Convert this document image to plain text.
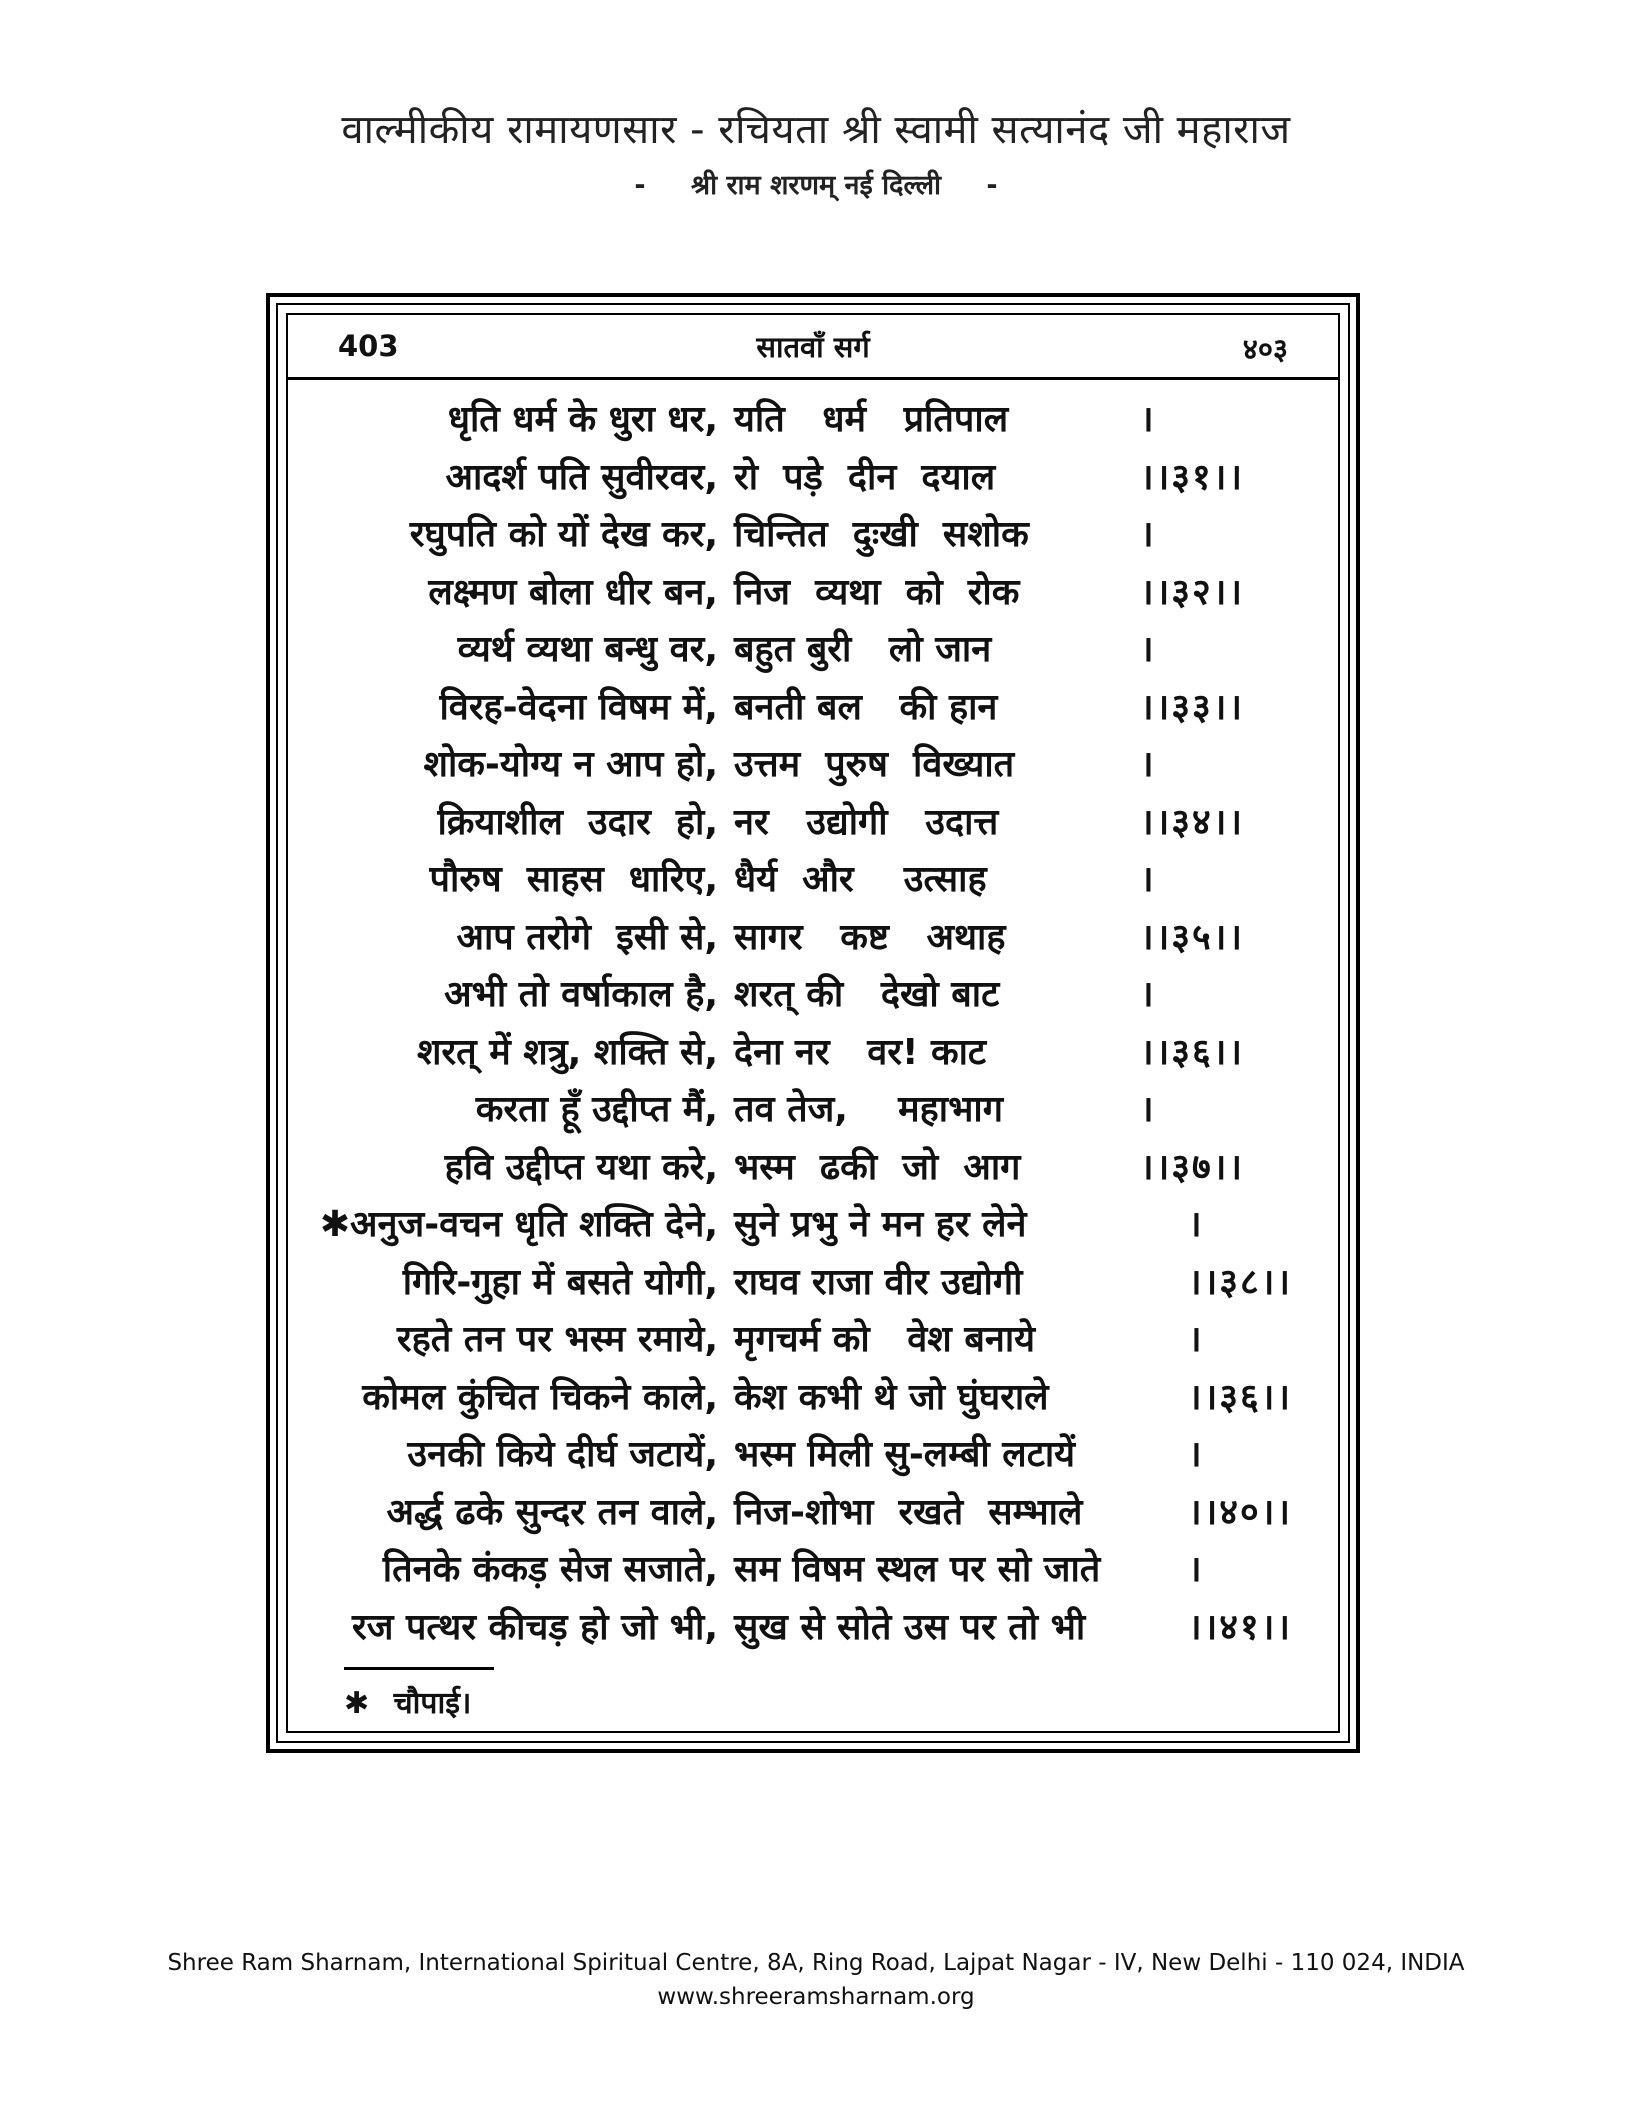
वाल्मीकीय रामायणसार - रचियता श्री स्वामी सत्यानंद जी महाराज
- श्री राम शरणम् नई दिल्ली -
403	सातवाँ सर्ग	४०३
धृति धर्म के धुरा धर, यति   धर्म   प्रतिपाल	।
आदर्श पति सुवीरवर, रो  पड़े  दीन  दयाल	।।३१।।
रघुपति को यों देख कर, चिन्तित  दुःखी  सशोक	।
लक्ष्मण बोला धीर बन, निज  व्यथा  को  रोक	।।३२।।
व्यर्थ व्यथा बन्धु वर, बहुत बुरी   लो जान	।
विरह-वेदना विषम में, बनती बल   की हान	।।३३।।
शोक-योग्य न आप हो, उत्तम  पुरुष  विख्यात	।
क्रियाशील  उदार  हो, नर   उद्योगी   उदात्त	।।३४।।
पौरुष  साहस  धारिए, धैर्य  और    उत्साह	।
आप तरोगे  इसी से, सागर   कष्ट   अथाह	।।३५।।
अभी तो वर्षाकाल है, शरत् की   देखो बाट	।
शरत् में शत्रु, शक्ति से, देना नर   वर! काट	।।३६।।
करता हूँ उद्दीप्त मैं, तव तेज,    महाभाग	।
हवि उद्दीप्त यथा करे, भस्म  ढकी  जो  आग	।।३७।।
✱अनुज-वचन धृति शक्ति देने, सुने प्रभु ने मन हर लेने	।
गिरि-गुहा में बसते योगी, राघव राजा वीर उद्योगी	।।३८।।
रहते तन पर भस्म रमाये, मृगचर्म को   वेश बनाये	।
कोमल कुंचित चिकने काले, केश कभी थे जो घुंघराले	।।३६।।
उनकी किये दीर्घ जटायें, भस्म मिली सु-लम्बी लटायें	।
अर्द्ध ढके सुन्दर तन वाले, निज-शोभा  रखते  सम्भाले	।।४०।।
तिनके कंकड़ सेज सजाते, सम विषम स्थल पर सो जाते ।
रज पत्थर कीचड़ हो जो भी, सुख से सोते उस पर तो भी	।।४१।।
✱ चौपाई।
Shree Ram Sharnam, International Spiritual Centre, 8A, Ring Road, Lajpat Nagar - IV, New Delhi - 110 024, INDIA
www.shreeramsharnam.org
